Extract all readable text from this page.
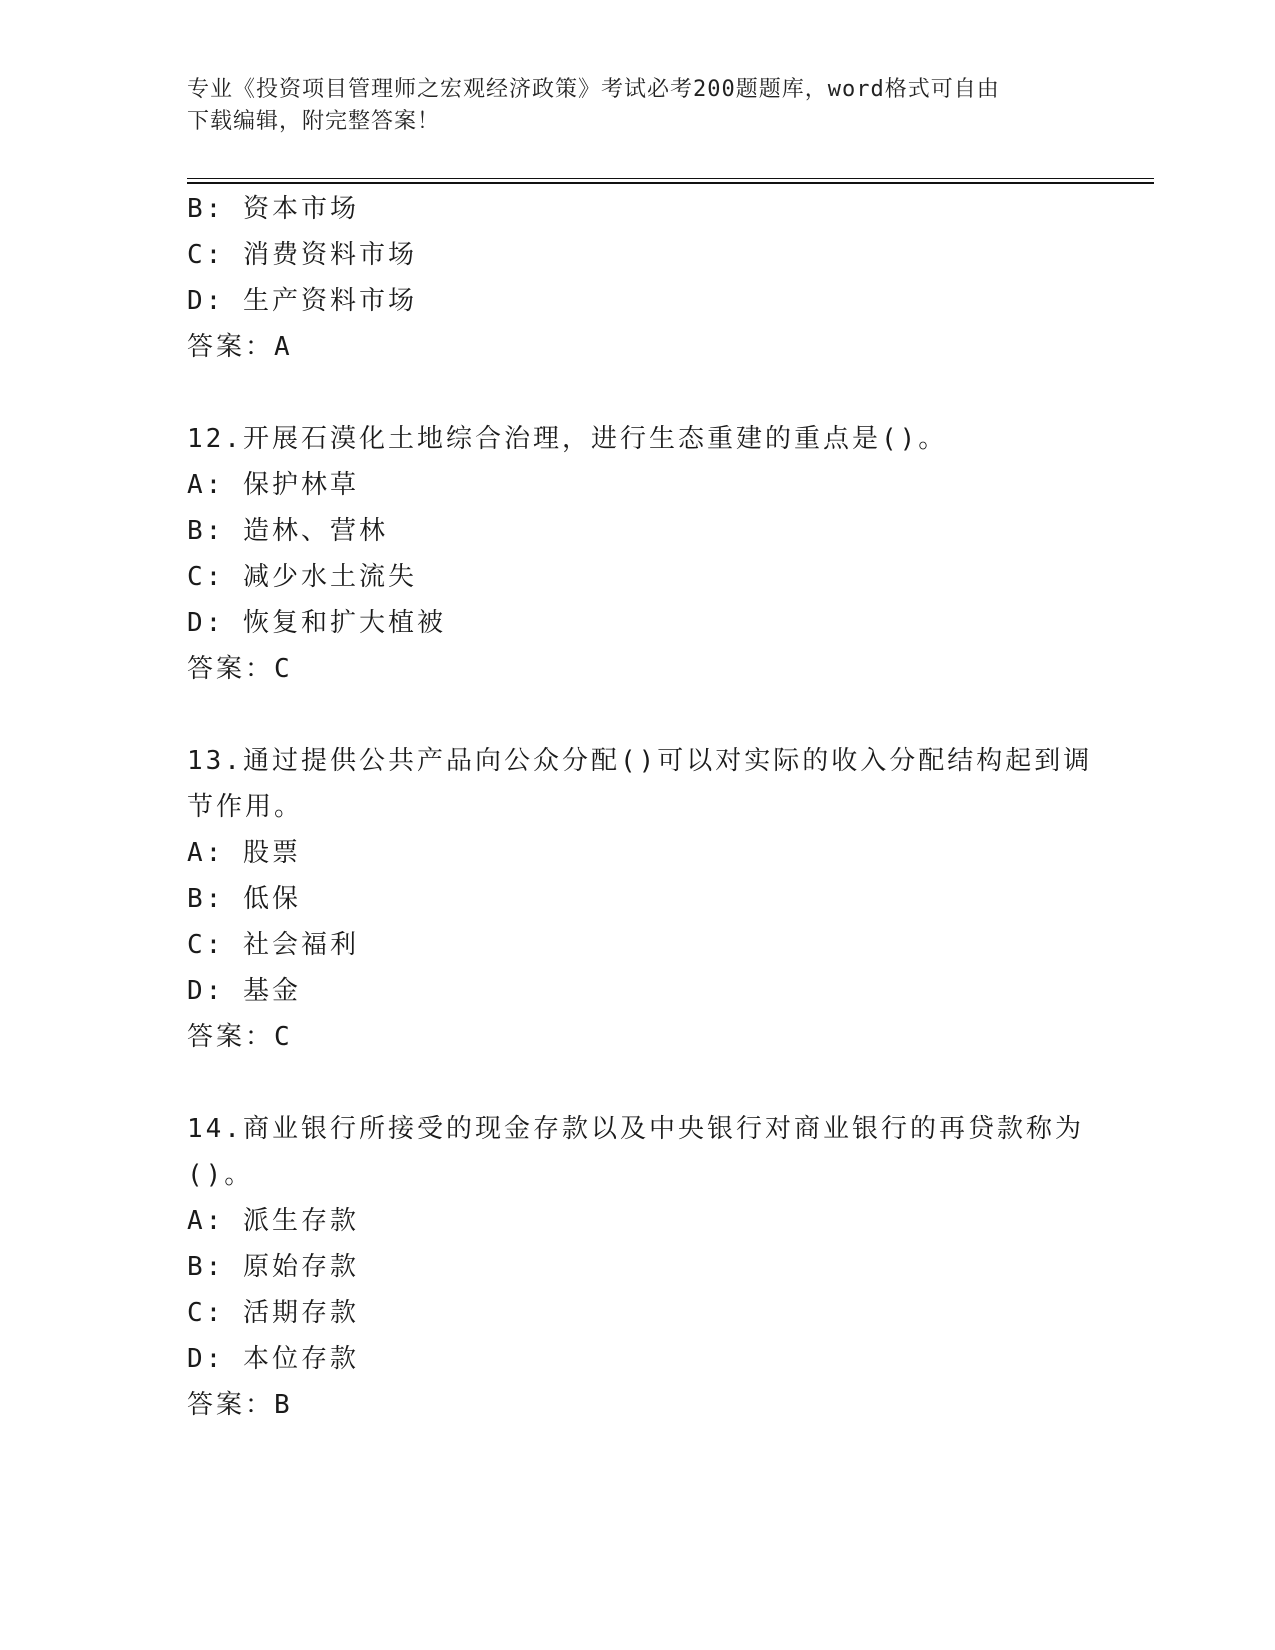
专业《投资项目管理师之宏观经济政策》考试必考200题题库，word格式可自由
下载编辑，附完整答案！
B: 资本市场
C: 消费资料市场
D: 生产资料市场
答案：A
12.开展石漠化土地综合治理，进行生态重建的重点是()。
A: 保护林草
B: 造林、营林
C: 减少水土流失
D: 恢复和扩大植被
答案：C
13.通过提供公共产品向公众分配()可以对实际的收入分配结构起到调
节作用。
A: 股票
B: 低保
C: 社会福利
D: 基金
答案：C
14.商业银行所接受的现金存款以及中央银行对商业银行的再贷款称为
()。
A: 派生存款
B: 原始存款
C: 活期存款
D: 本位存款
答案：B
